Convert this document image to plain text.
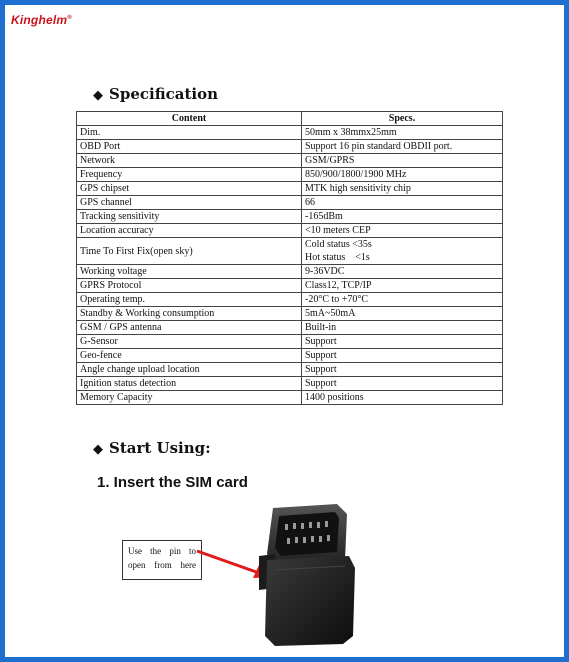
Kinghelm®
◆ Specification
Content	Specs.
Dim.	50mm x 38mmx25mm
OBD Port	Support 16 pin standard OBDII port.
Network	GSM/GPRS
Frequency	850/900/1800/1900 MHz
GPS chipset	MTK high sensitivity chip
GPS channel	66
Tracking sensitivity	-165dBm
Location accuracy	<10 meters CEP
Time To First Fix(open sky)	Cold status <35s
Hot status    <1s

Working voltage	9-36VDC
GPRS Protocol	Class12, TCP/IP
Operating temp.	-20°C to +70°C
Standby & Working consumption	5mA~50mA
GSM / GPS antenna	Built-in
G-Sensor	Support
Geo-fence	Support
Angle change upload location	Support
Ignition status detection	Support
Memory Capacity	1400 positions
◆ Start Using:
1. Insert the SIM card
Use the pin to open from here
